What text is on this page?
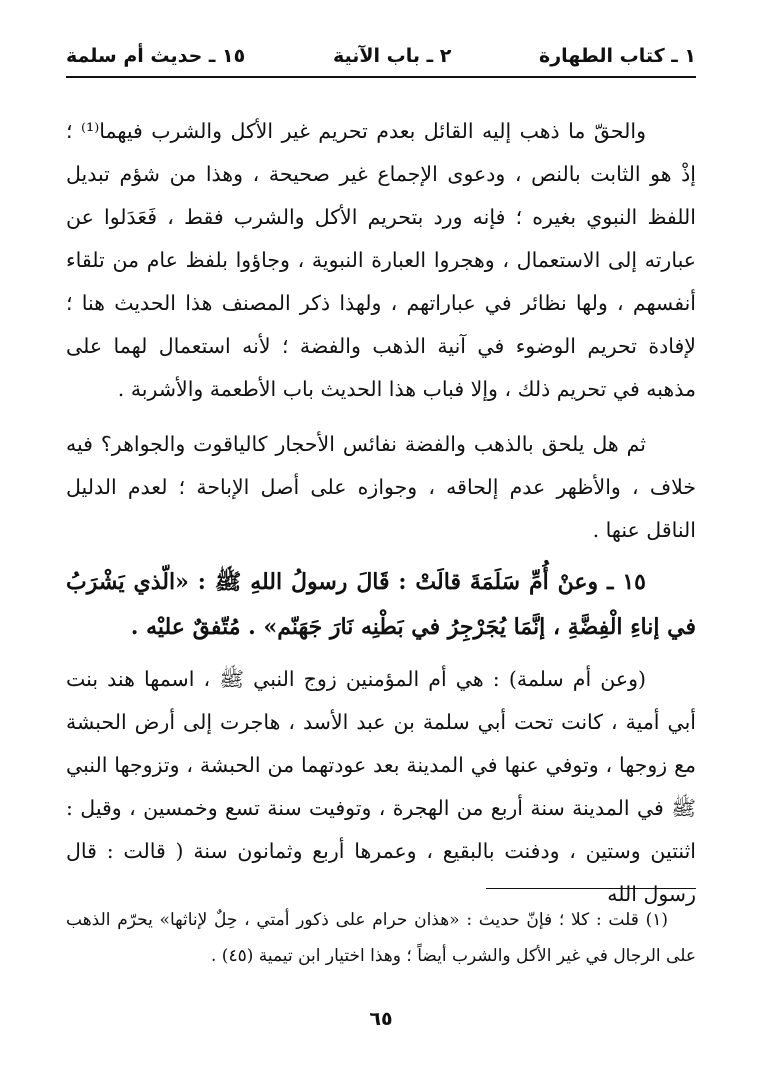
١ ـ كتاب الطهارة
٢ ـ باب الآنية
١٥ ـ حديث أم سلمة

والحقّ ما ذهب إليه القائل بعدم تحريم غير الأكل والشرب فيهما⁽¹⁾ ؛ إذْ هو الثابت بالنص ، ودعوى الإجماع غير صحيحة ، وهذا من شؤم تبديل اللفظ النبوي بغيره ؛ فإنه ورد بتحريم الأكل والشرب فقط ، فَعَدَلوا عن عبارته إلى الاستعمال ، وهجروا العبارة النبوية ، وجاؤوا بلفظ عام من تلقاء أنفسهم ، ولها نظائر في عباراتهم ، ولهذا ذكر المصنف هذا الحديث هنا ؛ لإفادة تحريم الوضوء في آنية الذهب والفضة ؛ لأنه استعمال لهما على مذهبه في تحريم ذلك ، وإلا فباب هذا الحديث باب الأطعمة والأشربة .

ثم هل يلحق بالذهب والفضة نفائس الأحجار كالياقوت والجواهر؟ فيه خلاف ، والأظهر عدم إلحاقه ، وجوازه على أصل الإباحة ؛ لعدم الدليل الناقل عنها .

١٥ ـ وعنْ أُمِّ سَلَمَةَ قالَتْ : قَالَ رسولُ اللهِ ﷺ : «الّذي يَشْرَبُ في إناءِ الْفِضَّةِ ، إنَّمَا يُجَرْجِرُ في بَطْنِه نَارَ جَهَنّم» . مُتّفقٌ عليْه .

(وعن أم سلمة) : هي أم المؤمنين زوج النبي ﷺ ، اسمها هند بنت أبي أمية ، كانت تحت أبي سلمة بن عبد الأسد ، هاجرت إلى أرض الحبشة مع زوجها ، وتوفي عنها في المدينة بعد عودتهما من الحبشة ، وتزوجها النبي ﷺ في المدينة سنة أربع من الهجرة ، وتوفيت سنة تسع وخمسين ، وقيل : اثنتين وستين ، ودفنت بالبقيع ، وعمرها أربع وثمانون سنة ( قالت : قال رسول الله

(١) قلت : كلا ؛ فإنّ حديث : «هذان حرام على ذكور أمتي ، حِلٌ لإناثها» يحرّم الذهب على الرجال في غير الأكل والشرب أيضاً ؛ وهذا اختيار ابن تيمية (٤٥) .
٦٥
